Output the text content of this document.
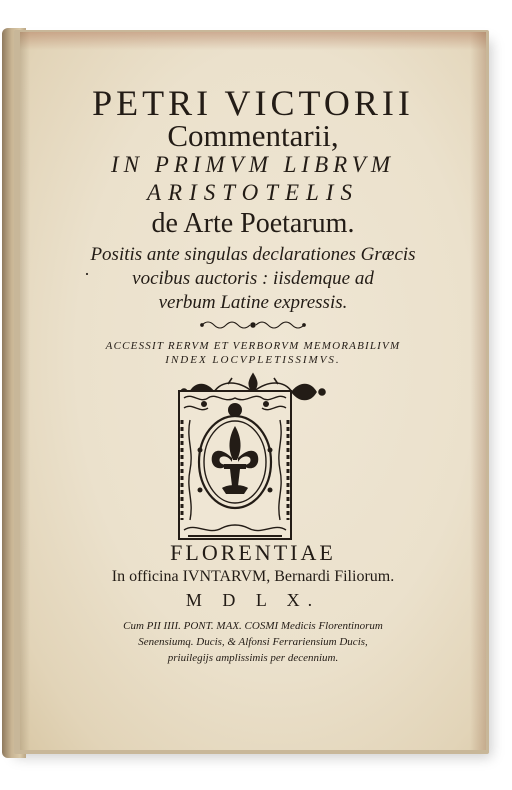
PETRI VICTORII

Commentarii,

IN PRIMVM LIBRVM

ARISTOTELIS

de Arte Poetarum.

·

Positis ante singulas declarationes Græcis

vocibus auctoris : iisdemque ad

verbum Latine expressis.

ACCESSIT RERVM ET VERBORVM MEMORABILIVM

INDEX LOCVPLETISSIMVS.

FLORENTIAE

In officina IVNTARVM, Bernardi Filiorum.

M D L X.

Cum PII IIII. PONT. MAX. COSMI Medicis Florentinorum

Senensiumq. Ducis, & Alfonsi Ferrariensium Ducis,

priuilegijs amplissimis per decennium.
